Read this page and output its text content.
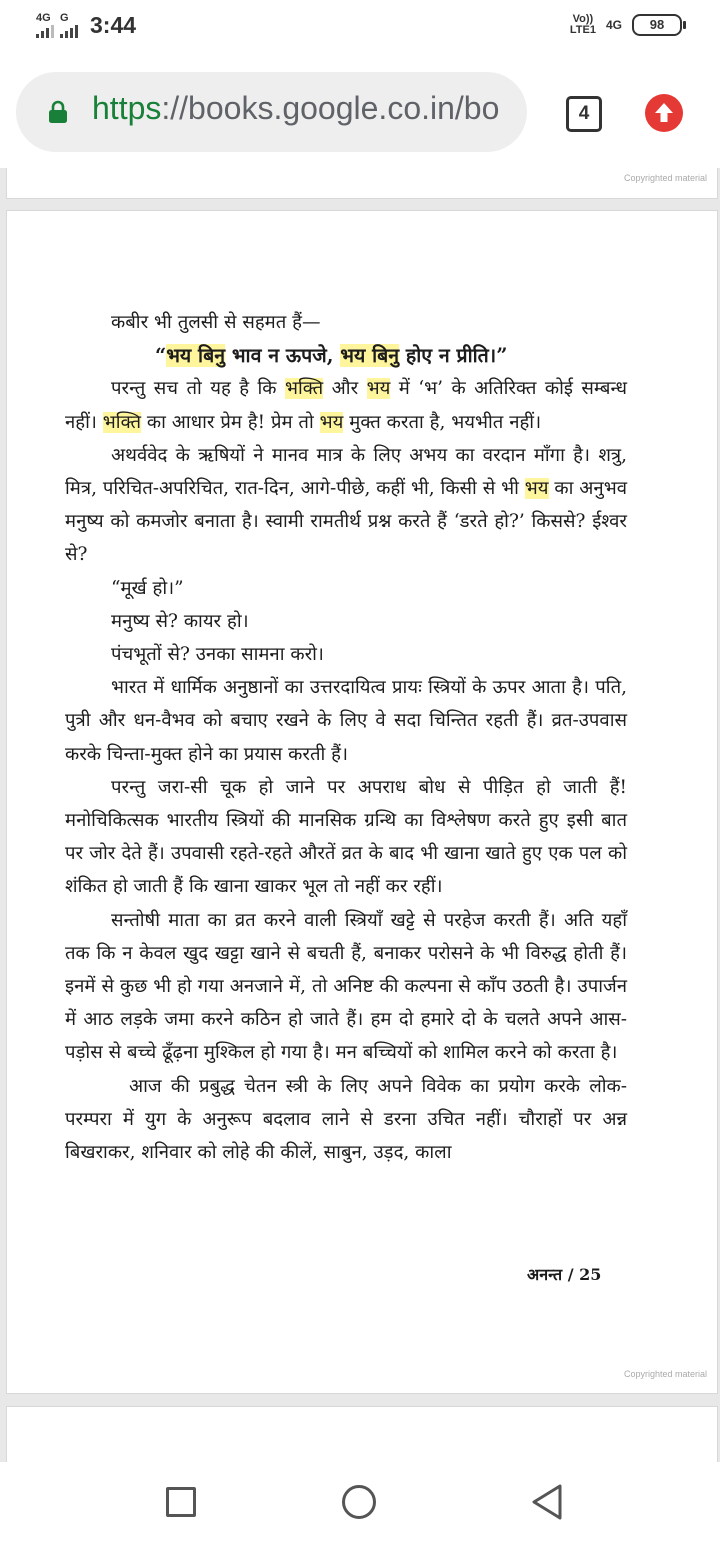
4G G 3:44	Vo))
LTE1 4G	98
https://books.google.co.in/bo	4
Copyrighted material

कबीर भी तुलसी से सहमत हैं—

“भय बिनु भाव न ऊपजे, भय बिनु होए न प्रीति।”

परन्तु सच तो यह है कि भक्ति और भय में ‘भ’ के अतिरिक्त कोई सम्बन्ध नहीं। भक्ति का आधार प्रेम है! प्रेम तो भय मुक्त करता है, भयभीत नहीं।

अथर्ववेद के ऋषियों ने मानव मात्र के लिए अभय का वरदान माँगा है। शत्रु, मित्र, परिचित-अपरिचित, रात-दिन, आगे-पीछे, कहीं भी, किसी से भी भय का अनुभव मनुष्य को कमजोर बनाता है। स्वामी रामतीर्थ प्रश्न करते हैं ‘डरते हो?’ किससे? ईश्वर से?

“मूर्ख हो।”

मनुष्य से? कायर हो।

पंचभूतों से? उनका सामना करो।

भारत में धार्मिक अनुष्ठानों का उत्तरदायित्व प्रायः स्त्रियों के ऊपर आता है। पति, पुत्री और धन-वैभव को बचाए रखने के लिए वे सदा चिन्तित रहती हैं। व्रत-उपवास करके चिन्ता-मुक्त होने का प्रयास करती हैं।

परन्तु जरा-सी चूक हो जाने पर अपराध बोध से पीड़ित हो जाती हैं! मनोचिकित्सक भारतीय स्त्रियों की मानसिक ग्रन्थि का विश्लेषण करते हुए इसी बात पर जोर देते हैं। उपवासी रहते-रहते औरतें व्रत के बाद भी खाना खाते हुए एक पल को शंकित हो जाती हैं कि खाना खाकर भूल तो नहीं कर रहीं।

सन्तोषी माता का व्रत करने वाली स्त्रियाँ खट्टे से परहेज करती हैं। अति यहाँ तक कि न केवल खुद खट्टा खाने से बचती हैं, बनाकर परोसने के भी विरुद्ध होती हैं। इनमें से कुछ भी हो गया अनजाने में, तो अनिष्ट की कल्पना से काँप उठती है। उपार्जन में आठ लड़के जमा करने कठिन हो जाते हैं। हम दो हमारे दो के चलते अपने आस-पड़ोस से बच्चे ढूँढ़ना मुश्किल हो गया है। मन बच्चियों को शामिल करने को करता है।

आज की प्रबुद्ध चेतन स्त्री के लिए अपने विवेक का प्रयोग करके लोक-परम्परा में युग के अनुरूप बदलाव लाने से डरना उचित नहीं। चौराहों पर अन्न बिखराकर, शनिवार को लोहे की कीलें, साबुन, उड़द, काला

अनन्त / 25
Copyrighted material
